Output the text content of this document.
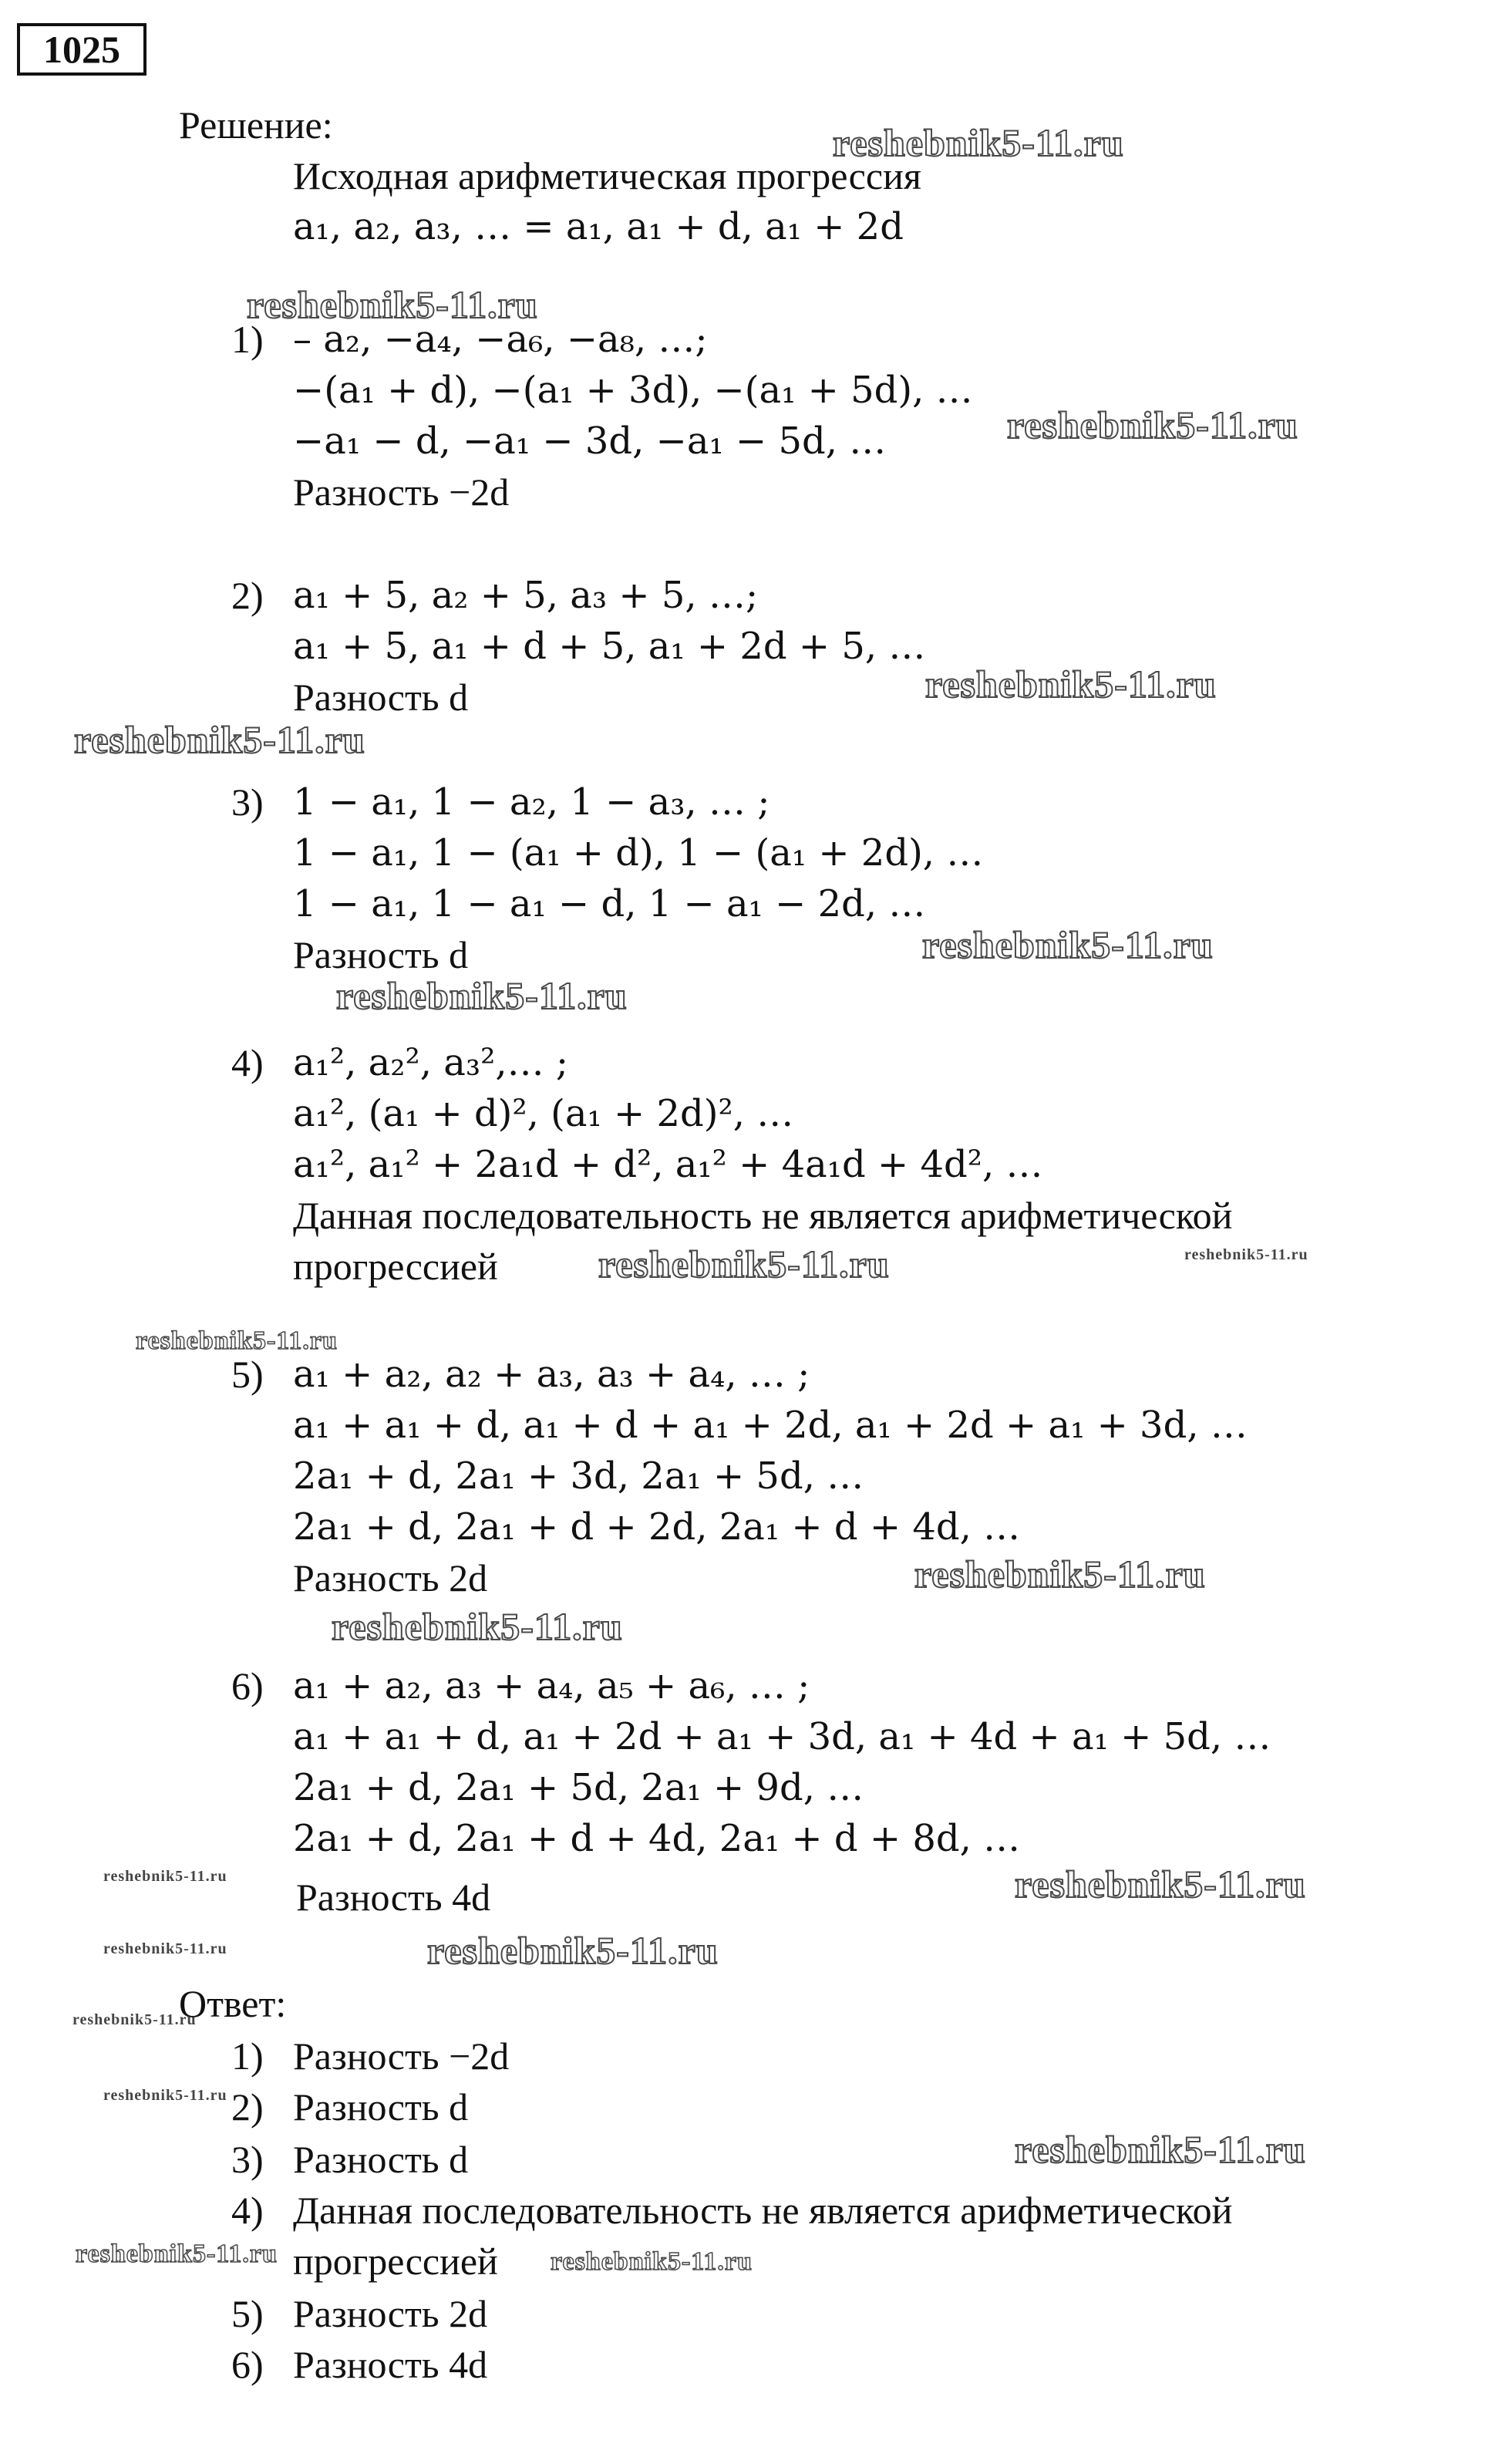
1025
Решение:
Исходная арифметическая прогрессия
a₁, a₂, a₃, … = a₁, a₁ + d, a₁ + 2d
1) – a₂, −a₄, −a₆, −a₈, …;
−(a₁ + d), −(a₁ + 3d), −(a₁ + 5d), …
−a₁ − d, −a₁ − 3d, −a₁ − 5d, …
Разность −2d
2) a₁ + 5, a₂ + 5, a₃ + 5, …;
a₁ + 5, a₁ + d + 5, a₁ + 2d + 5, …
Разность d
3) 1 − a₁, 1 − a₂, 1 − a₃, … ;
1 − a₁, 1 − (a₁ + d), 1 − (a₁ + 2d), …
1 − a₁, 1 − a₁ − d, 1 − a₁ − 2d, …
Разность d
4) a₁², a₂², a₃²,… ;
a₁², (a₁ + d)², (a₁ + 2d)², …
a₁², a₁² + 2a₁d + d², a₁² + 4a₁d + 4d², …
Данная последовательность не является арифметической
прогрессией
5) a₁ + a₂, a₂ + a₃, a₃ + a₄, … ;
a₁ + a₁ + d, a₁ + d + a₁ + 2d, a₁ + 2d + a₁ + 3d, …
2a₁ + d, 2a₁ + 3d, 2a₁ + 5d, …
2a₁ + d, 2a₁ + d + 2d, 2a₁ + d + 4d, …
Разность 2d
6) a₁ + a₂, a₃ + a₄, a₅ + a₆, … ;
a₁ + a₁ + d, a₁ + 2d + a₁ + 3d, a₁ + 4d + a₁ + 5d, …
2a₁ + d, 2a₁ + 5d, 2a₁ + 9d, …
2a₁ + d, 2a₁ + d + 4d, 2a₁ + d + 8d, …
Разность 4d
Ответ:
1) Разность −2d
2) Разность d
3) Разность d
4) Данная последовательность не является арифметической
прогрессией
5) Разность 2d
6) Разность 4d
reshebnik5-11.ru
reshebnik5-11.ru
reshebnik5-11.ru
reshebnik5-11.ru
reshebnik5-11.ru
reshebnik5-11.ru
reshebnik5-11.ru
reshebnik5-11.ru	reshebnik5-11.ru
reshebnik5-11.ru
reshebnik5-11.ru
reshebnik5-11.ru
reshebnik5-11.ru	reshebnik5-11.ru
reshebnik5-11.ru	reshebnik5-11.ru
reshebnik5-11.ru
reshebnik5-11.ru
reshebnik5-11.ru
reshebnik5-11.ru	reshebnik5-11.ru
